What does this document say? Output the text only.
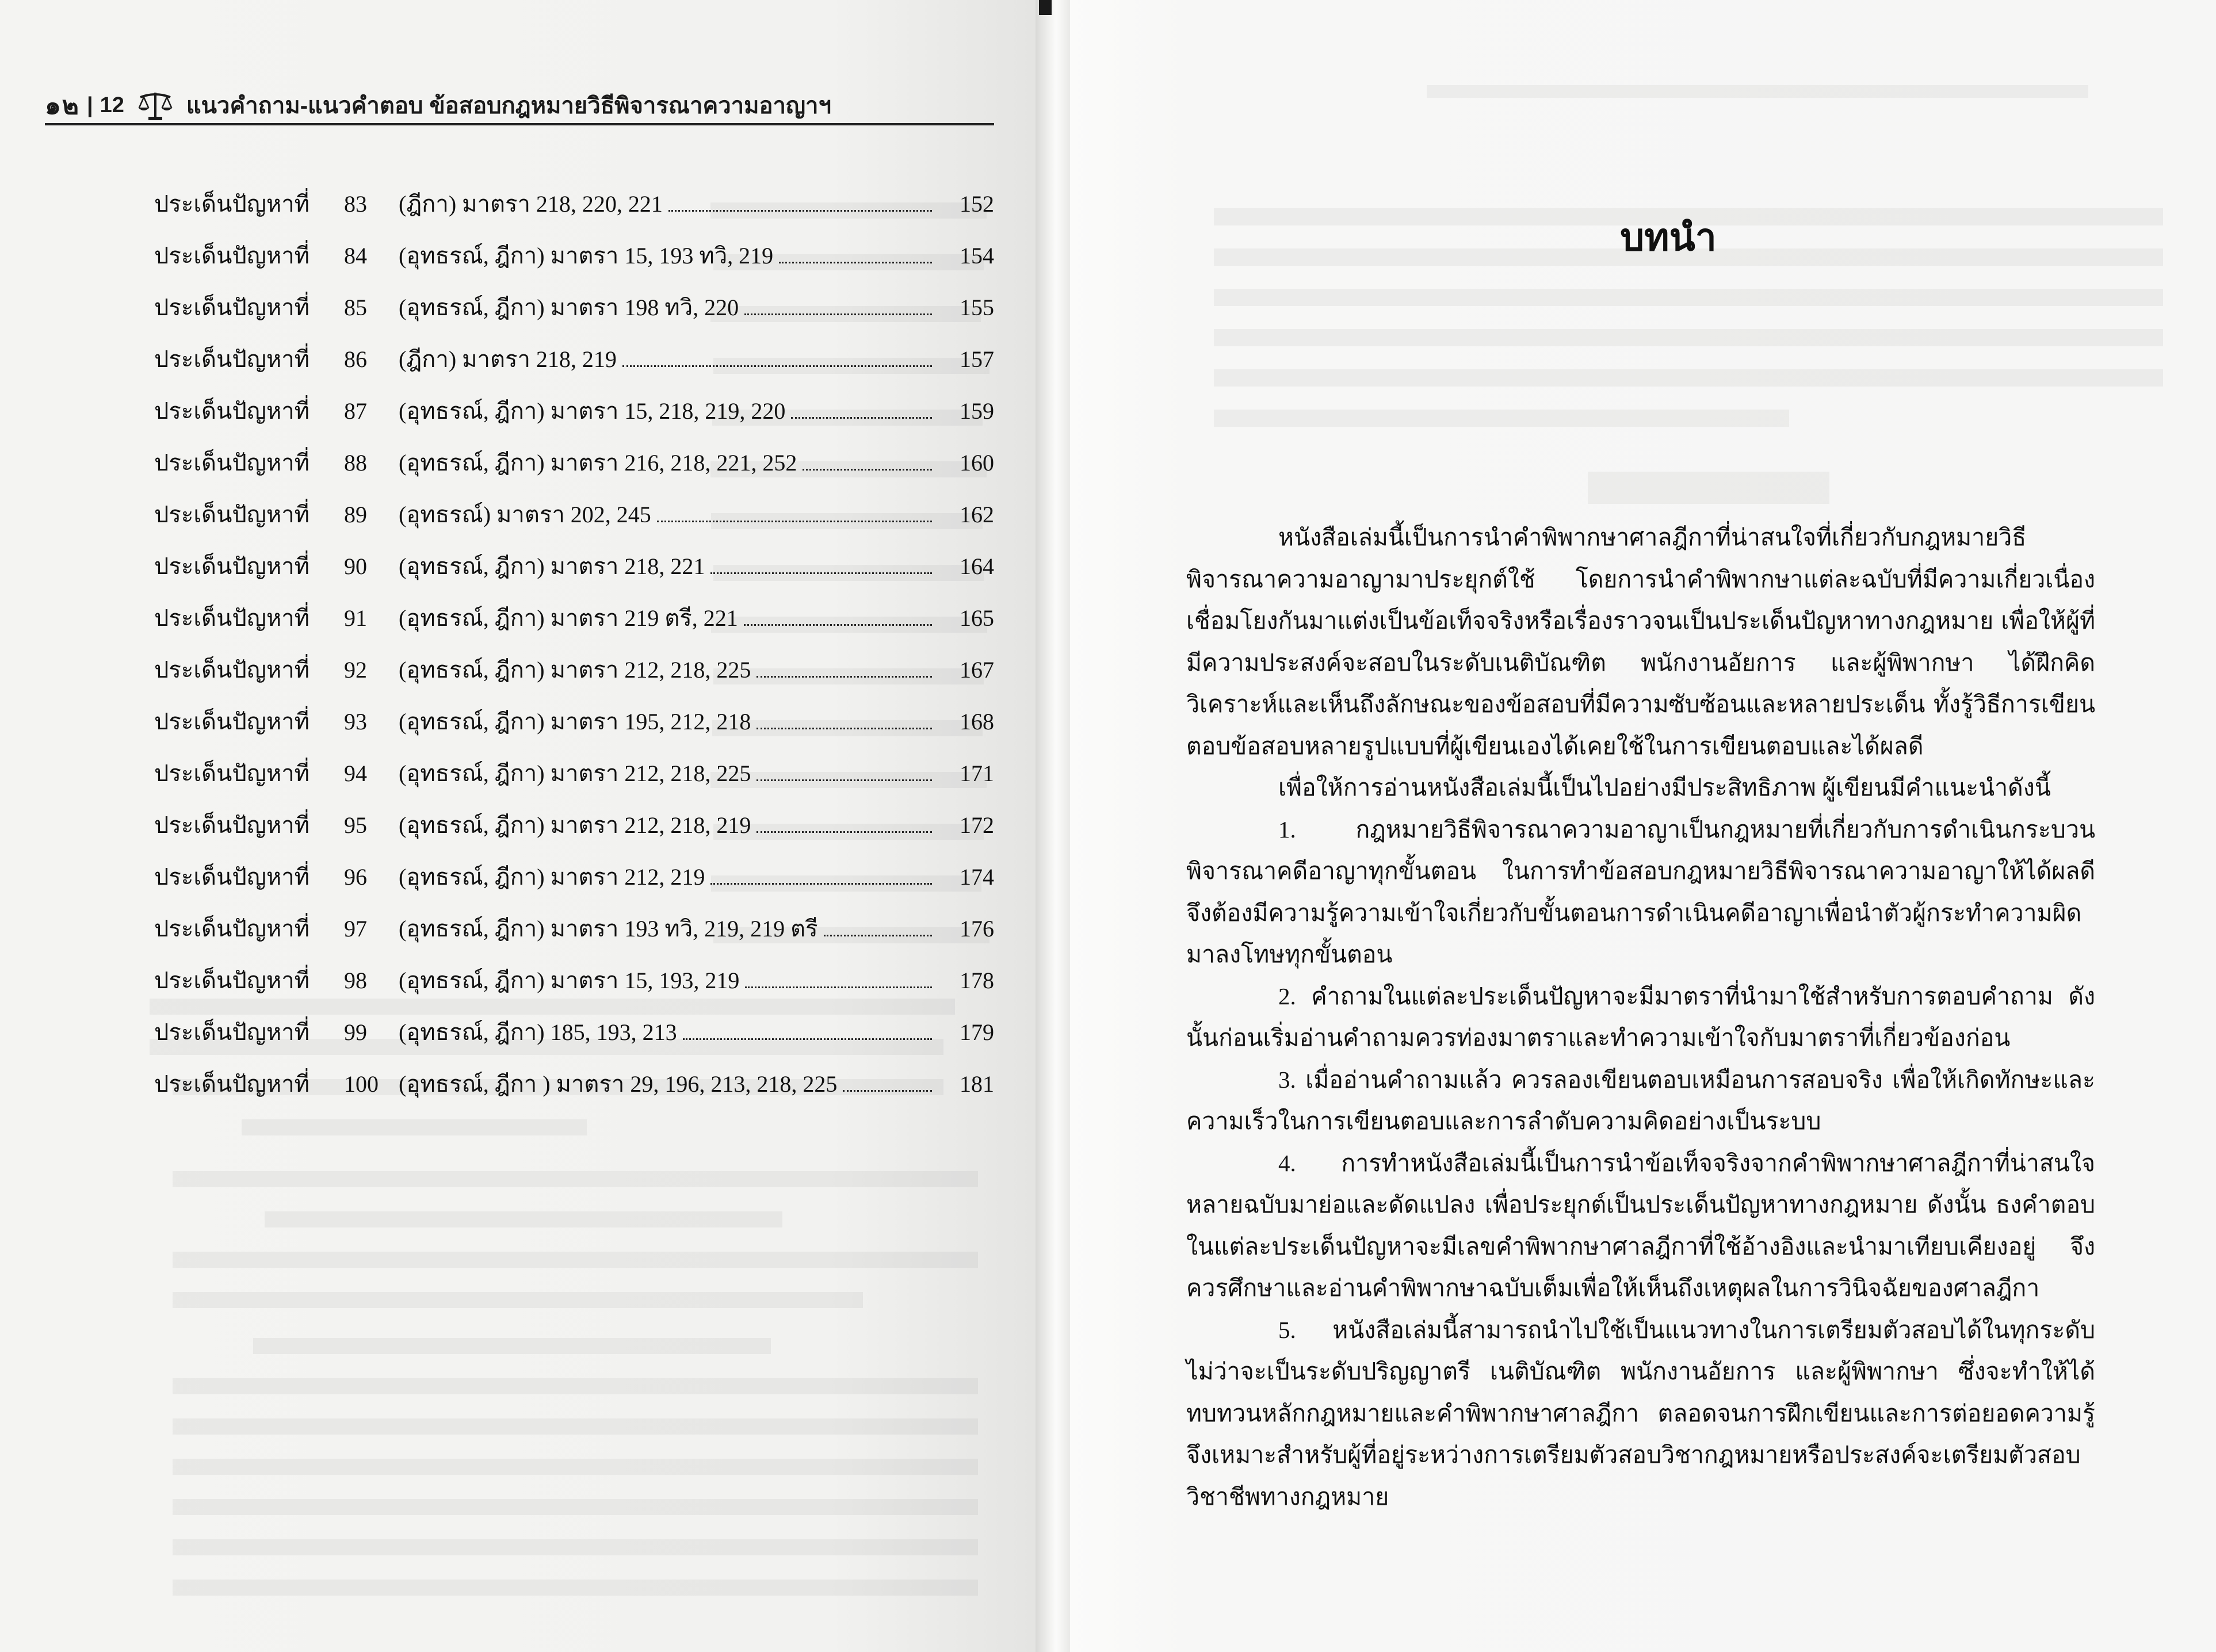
๑๒ | 12	แนวคำถาม-แนวคำตอบ ข้อสอบกฎหมายวิธีพิจารณาความอาญาฯ
ประเด็นปัญหาที่	83	(ฎีกา) มาตรา 218, 220, 221	152
ประเด็นปัญหาที่	84	(อุทธรณ์, ฎีกา) มาตรา 15, 193 ทวิ, 219	154
ประเด็นปัญหาที่	85	(อุทธรณ์, ฎีกา) มาตรา 198 ทวิ, 220	155
ประเด็นปัญหาที่	86	(ฎีกา) มาตรา 218, 219	157
ประเด็นปัญหาที่	87	(อุทธรณ์, ฎีกา) มาตรา 15, 218, 219, 220	159
ประเด็นปัญหาที่	88	(อุทธรณ์, ฎีกา) มาตรา 216, 218, 221, 252	160
ประเด็นปัญหาที่	89	(อุทธรณ์) มาตรา 202, 245	162
ประเด็นปัญหาที่	90	(อุทธรณ์, ฎีกา) มาตรา 218, 221	164
ประเด็นปัญหาที่	91	(อุทธรณ์, ฎีกา) มาตรา 219 ตรี, 221	165
ประเด็นปัญหาที่	92	(อุทธรณ์, ฎีกา) มาตรา 212, 218, 225	167
ประเด็นปัญหาที่	93	(อุทธรณ์, ฎีกา) มาตรา 195, 212, 218	168
ประเด็นปัญหาที่	94	(อุทธรณ์, ฎีกา) มาตรา 212, 218, 225	171
ประเด็นปัญหาที่	95	(อุทธรณ์, ฎีกา) มาตรา 212, 218, 219	172
ประเด็นปัญหาที่	96	(อุทธรณ์, ฎีกา) มาตรา 212, 219	174
ประเด็นปัญหาที่	97	(อุทธรณ์, ฎีกา) มาตรา 193 ทวิ, 219, 219 ตรี	176
ประเด็นปัญหาที่	98	(อุทธรณ์, ฎีกา) มาตรา 15, 193, 219	178
ประเด็นปัญหาที่	99	(อุทธรณ์, ฎีกา) 185, 193, 213	179
ประเด็นปัญหาที่	100 (อุทธรณ์, ฎีกา ) มาตรา 29, 196, 213, 218, 225	181
บทนำ

หนังสือเล่มนี้เป็นการนำคำพิพากษาศาลฎีกาที่น่าสนใจที่เกี่ยวกับกฎหมายวิธีพิจารณาความอาญามาประยุกต์ใช้ โดยการนำคำพิพากษาแต่ละฉบับที่มีความเกี่ยวเนื่องเชื่อมโยงกันมาแต่งเป็นข้อเท็จจริงหรือเรื่องราวจนเป็นประเด็นปัญหาทางกฎหมาย เพื่อให้ผู้ที่มีความประสงค์จะสอบในระดับเนติบัณฑิต พนักงานอัยการ และผู้พิพากษา ได้ฝึกคิดวิเคราะห์และเห็นถึงลักษณะของข้อสอบที่มีความซับซ้อนและหลายประเด็น ทั้งรู้วิธีการเขียนตอบข้อสอบหลายรูปแบบที่ผู้เขียนเองได้เคยใช้ในการเขียนตอบและได้ผลดี

เพื่อให้การอ่านหนังสือเล่มนี้เป็นไปอย่างมีประสิทธิภาพ ผู้เขียนมีคำแนะนำดังนี้

1. กฎหมายวิธีพิจารณาความอาญาเป็นกฎหมายที่เกี่ยวกับการดำเนินกระบวนพิจารณาคดีอาญาทุกขั้นตอน ในการทำข้อสอบกฎหมายวิธีพิจารณาความอาญาให้ได้ผลดีจึงต้องมีความรู้ความเข้าใจเกี่ยวกับขั้นตอนการดำเนินคดีอาญาเพื่อนำตัวผู้กระทำความผิดมาลงโทษทุกขั้นตอน

2. คำถามในแต่ละประเด็นปัญหาจะมีมาตราที่นำมาใช้สำหรับการตอบคำถาม ดังนั้นก่อนเริ่มอ่านคำถามควรท่องมาตราและทำความเข้าใจกับมาตราที่เกี่ยวข้องก่อน

3. เมื่ออ่านคำถามแล้ว ควรลองเขียนตอบเหมือนการสอบจริง เพื่อให้เกิดทักษะและความเร็วในการเขียนตอบและการลำดับความคิดอย่างเป็นระบบ

4. การทำหนังสือเล่มนี้เป็นการนำข้อเท็จจริงจากคำพิพากษาศาลฎีกาที่น่าสนใจหลายฉบับมาย่อและดัดแปลง เพื่อประยุกต์เป็นประเด็นปัญหาทางกฎหมาย ดังนั้น ธงคำตอบในแต่ละประเด็นปัญหาจะมีเลขคำพิพากษาศาลฎีกาที่ใช้อ้างอิงและนำมาเทียบเคียงอยู่ จึงควรศึกษาและอ่านคำพิพากษาฉบับเต็มเพื่อให้เห็นถึงเหตุผลในการวินิจฉัยของศาลฎีกา

5. หนังสือเล่มนี้สามารถนำไปใช้เป็นแนวทางในการเตรียมตัวสอบได้ในทุกระดับ ไม่ว่าจะเป็นระดับปริญญาตรี เนติบัณฑิต พนักงานอัยการ และผู้พิพากษา ซึ่งจะทำให้ได้ทบทวนหลักกฎหมายและคำพิพากษาศาลฎีกา ตลอดจนการฝึกเขียนและการต่อยอดความรู้ จึงเหมาะสำหรับผู้ที่อยู่ระหว่างการเตรียมตัวสอบวิชากฎหมายหรือประสงค์จะเตรียมตัวสอบวิชาชีพทางกฎหมาย
